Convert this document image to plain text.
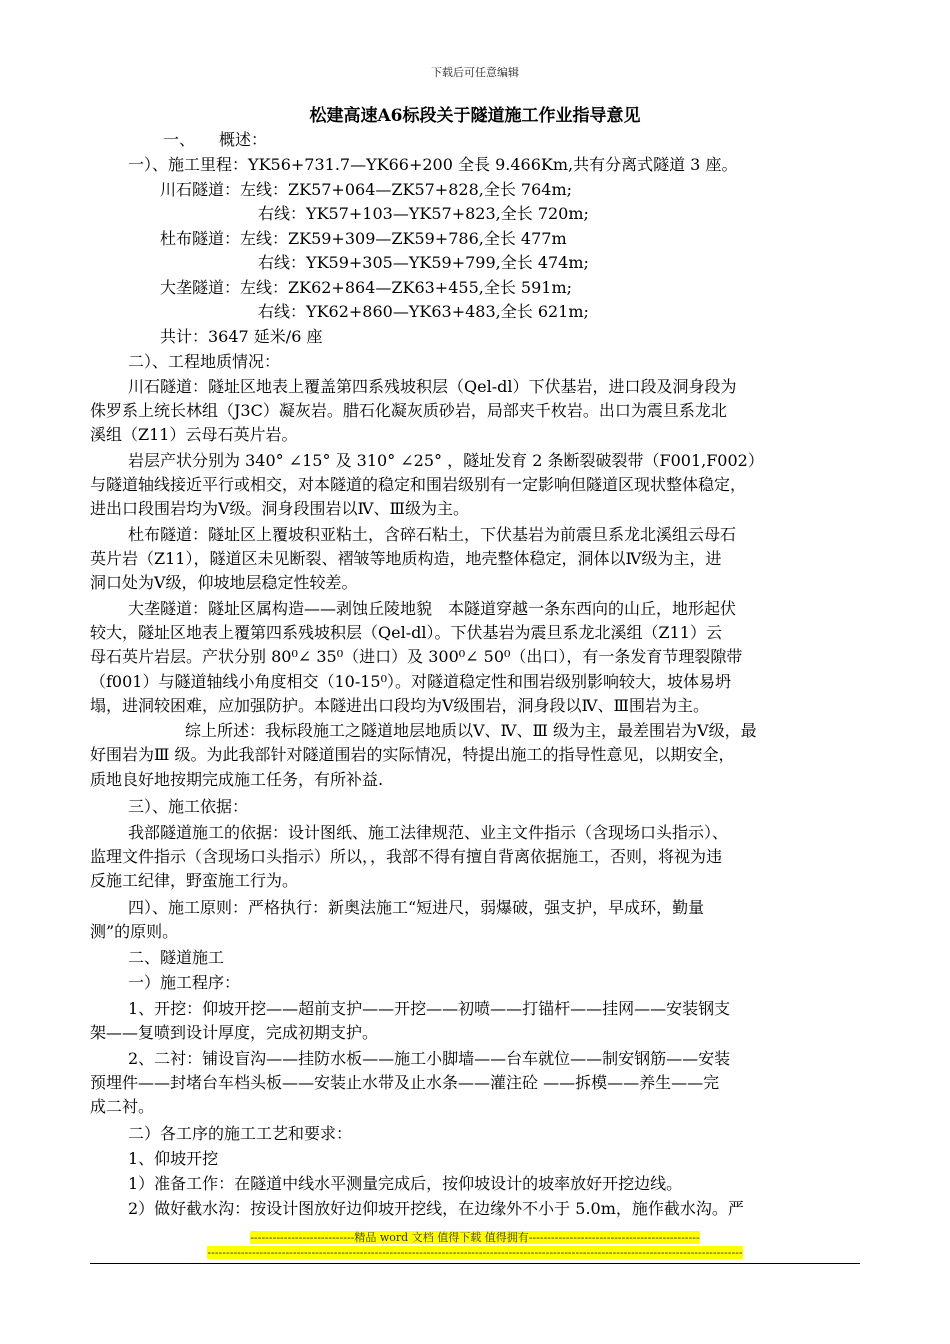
下载后可任意编辑
松建高速A6标段关于隧道施工作业指导意见
一、　　概述：
一）、施工里程：YK56+731.7—YK66+200 全長 9.466Km,共有分离式隧道 3 座。
川石隧道：左线：ZK57+064—ZK57+828,全长 764m;
右线：YK57+103—YK57+823,全长 720m;
杜布隧道：左线：ZK59+309—ZK59+786,全长 477m
右线：YK59+305—YK59+799,全长 474m;
大垄隧道：左线：ZK62+864—ZK63+455,全长 591m;
右线：YK62+860—YK63+483,全长 621m;
共计：3647 延米/6 座
二）、工程地质情况：
川石隧道：隧址区地表上覆盖第四系残坡积层（Qel-dl）下伏基岩，进口段及洞身段为
侏罗系上统长林组（J3C）凝灰岩。腊石化凝灰质砂岩，局部夹千枚岩。出口为震旦系龙北
溪组（Z11）云母石英片岩。
岩层产状分别为 340° ∠15° 及 310° ∠25° ，隧址发育 2 条断裂破裂带（F001,F002）
与隧道轴线接近平行或相交，对本隧道的稳定和围岩级别有一定影响但隧道区现状整体稳定，
进出口段围岩均为Ⅴ级。洞身段围岩以Ⅳ、Ⅲ级为主。
杜布隧道：隧址区上覆坡积亚粘土，含碎石粘土，下伏基岩为前震旦系龙北溪组云母石
英片岩（Z11），隧道区未见断裂、褶皱等地质构造，地壳整体稳定，洞体以Ⅳ级为主，进
洞口处为Ⅴ级，仰坡地层稳定性较差。
大垄隧道：隧址区属构造——剥蚀丘陵地貌　本隧道穿越一条东西向的山丘，地形起伏
较大，隧址区地表上覆第四系残坡积层（Qel-dl）。下伏基岩为震旦系龙北溪组（Z11）云
母石英片岩层。产状分别 80⁰∠ 35⁰（进口）及 300⁰∠ 50⁰（出口），有一条发育节理裂隙带
（f001）与隧道轴线小角度相交（10-15⁰）。对隧道稳定性和围岩级别影响较大，坡体易坍
塌，进洞较困难，应加强防护。本隧进出口段均为Ⅴ级围岩，洞身段以Ⅳ、Ⅲ围岩为主。
综上所述：我标段施工之隧道地层地质以Ⅴ、Ⅳ、Ⅲ 级为主，最差围岩为Ⅴ级，最
好围岩为Ⅲ 级。为此我部针对隧道围岩的实际情况，特提出施工的指导性意见，以期安全，
质地良好地按期完成施工任务，有所补益.
三）、施工依据：
我部隧道施工的依据：设计图纸、施工法律规范、业主文件指示（含现场口头指示）、
监理文件指示（含现场口头指示）所以，，我部不得有擅自背离依据施工，否则，将视为违
反施工纪律，野蛮施工行为。
四）、施工原则：严格执行：新奥法施工“短进尺，弱爆破，强支护，早成环，勤量
测”的原则。
二、隧道施工
一）施工程序：
1、开挖：仰坡开挖——超前支护——开挖——初喷——打锚杆——挂网——安装钢支
架——复喷到设计厚度，完成初期支护。
2、二衬：铺设盲沟——挂防水板——施工小脚墙——台车就位——制安钢筋——安装
预埋件——封堵台车档头板——安装止水带及止水条——灌注砼 ——拆模——养生——完
成二衬。
二）各工序的施工工艺和要求：
1、仰坡开挖
1）准备工作：在隧道中线水平测量完成后，按仰坡设计的坡率放好开挖边线。
2）做好截水沟：按设计图放好边仰坡开挖线，在边缘外不小于 5.0m，施作截水沟。严
----------------------------精品 word 文档 值得下载 值得拥有----------------------------------------------
------------------------------------------------------------------------------------------------------------------------------------------------
